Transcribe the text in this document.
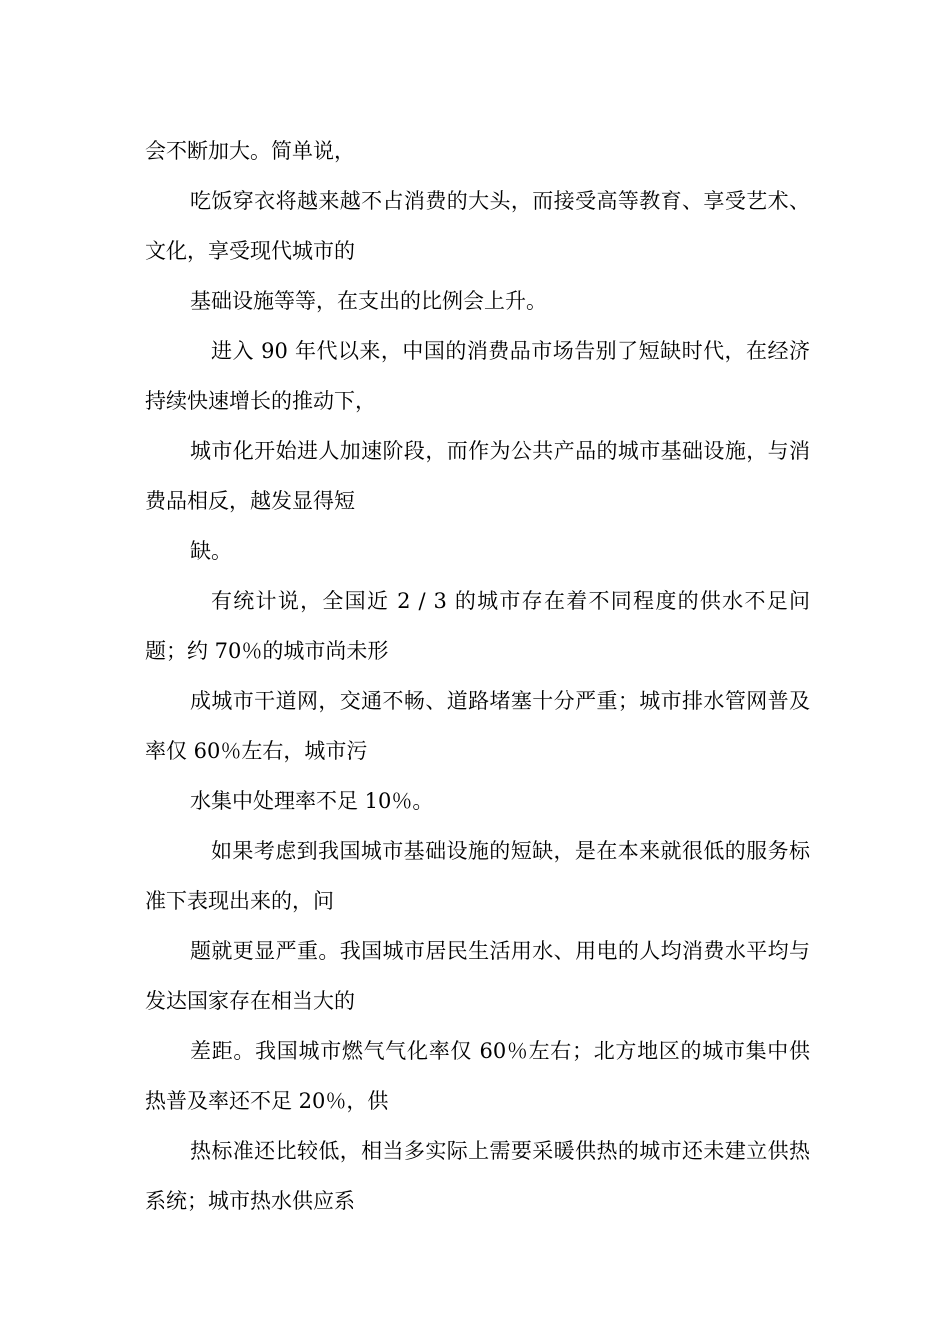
会不断加大。简单说，

吃饭穿衣将越来越不占消费的大头，而接受高等教育、享受艺术、文化，享受现代城市的

基础设施等等，在支出的比例会上升。

进入 90 年代以来，中国的消费品市场告别了短缺时代，在经济持续快速增长的推动下，

城市化开始进人加速阶段，而作为公共产品的城市基础设施，与消费品相反，越发显得短

缺。

有统计说，全国近 2 / 3 的城市存在着不同程度的供水不足问题；约 70％的城市尚未形

成城市干道网，交通不畅、道路堵塞十分严重；城市排水管网普及率仅 60％左右，城市污

水集中处理率不足 10％。

如果考虑到我国城市基础设施的短缺，是在本来就很低的服务标准下表现出来的，问

题就更显严重。我国城市居民生活用水、用电的人均消费水平均与发达国家存在相当大的

差距。我国城市燃气气化率仅 60％左右；北方地区的城市集中供热普及率还不足 20％，供

热标准还比较低，相当多实际上需要采暖供热的城市还未建立供热系统；城市热水供应系
